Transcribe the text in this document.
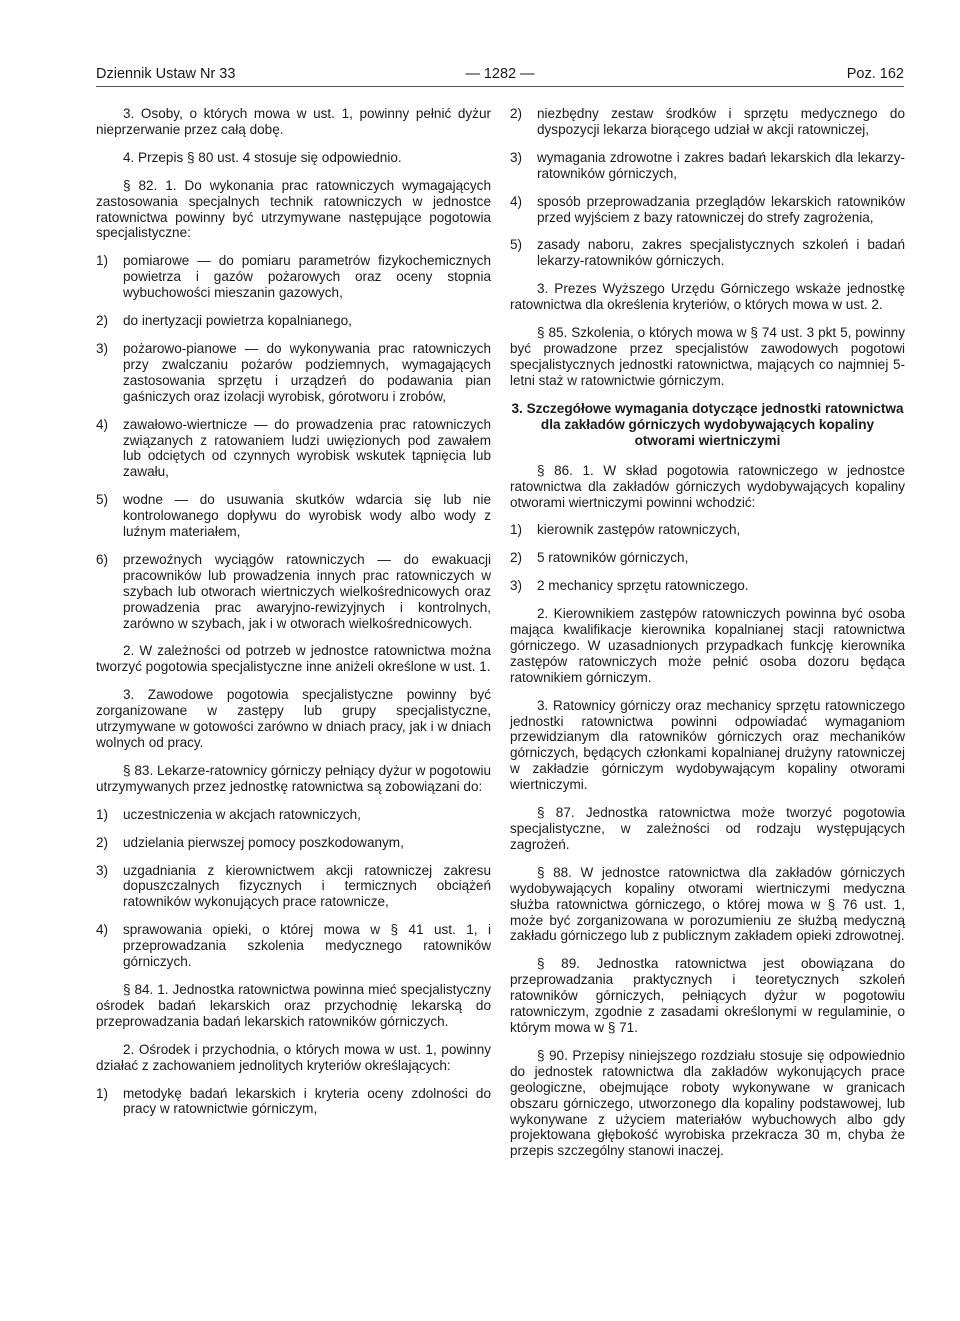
Dziennik Ustaw Nr 33	— 1282 —	Poz. 162

3. Osoby, o których mowa w ust. 1, powinny pełnić dyżur nieprzerwanie przez całą dobę.

4. Przepis § 80 ust. 4 stosuje się odpowiednio.

§ 82. 1. Do wykonania prac ratowniczych wymagających zastosowania specjalnych technik ratowniczych w jednostce ratownictwa powinny być utrzymywane następujące pogotowia specjalistyczne:

1) pomiarowe — do pomiaru parametrów fizykochemicznych powietrza i gazów pożarowych oraz oceny stopnia wybuchowości mieszanin gazowych,
2) do inertyzacji powietrza kopalnianego,
3) pożarowo-pianowe — do wykonywania prac ratowniczych przy zwalczaniu pożarów podziemnych, wymagających zastosowania sprzętu i urządzeń do podawania pian gaśniczych oraz izolacji wyrobisk, górotworu i zrobów,
4) zawałowo-wiertnicze — do prowadzenia prac ratowniczych związanych z ratowaniem ludzi uwięzionych pod zawałem lub odciętych od czynnych wyrobisk wskutek tąpnięcia lub zawału,
5) wodne — do usuwania skutków wdarcia się lub nie kontrolowanego dopływu do wyrobisk wody albo wody z luźnym materiałem,
6) przewoźnych wyciągów ratowniczych — do ewakuacji pracowników lub prowadzenia innych prac ratowniczych w szybach lub otworach wiertniczych wielkośrednicowych oraz prowadzenia prac awaryjno-rewizyjnych i kontrolnych, zarówno w szybach, jak i w otworach wielkośrednicowych.

2. W zależności od potrzeb w jednostce ratownictwa można tworzyć pogotowia specjalistyczne inne aniżeli określone w ust. 1.

3. Zawodowe pogotowia specjalistyczne powinny być zorganizowane w zastępy lub grupy specjalistyczne, utrzymywane w gotowości zarówno w dniach pracy, jak i w dniach wolnych od pracy.

§ 83. Lekarze-ratownicy górniczy pełniący dyżur w pogotowiu utrzymywanych przez jednostkę ratownictwa są zobowiązani do:

1) uczestniczenia w akcjach ratowniczych,
2) udzielania pierwszej pomocy poszkodowanym,
3) uzgadniania z kierownictwem akcji ratowniczej zakresu dopuszczalnych fizycznych i termicznych obciążeń ratowników wykonujących prace ratownicze,
4) sprawowania opieki, o której mowa w § 41 ust. 1, i przeprowadzania szkolenia medycznego ratowników górniczych.

§ 84. 1. Jednostka ratownictwa powinna mieć specjalistyczny ośrodek badań lekarskich oraz przychodnię lekarską do przeprowadzania badań lekarskich ratowników górniczych.

2. Ośrodek i przychodnia, o których mowa w ust. 1, powinny działać z zachowaniem jednolitych kryteriów określających:

1) metodykę badań lekarskich i kryteria oceny zdolności do pracy w ratownictwie górniczym,
2) niezbędny zestaw środków i sprzętu medycznego do dyspozycji lekarza biorącego udział w akcji ratowniczej,
3) wymagania zdrowotne i zakres badań lekarskich dla lekarzy-ratowników górniczych,
4) sposób przeprowadzania przeglądów lekarskich ratowników przed wyjściem z bazy ratowniczej do strefy zagrożenia,
5) zasady naboru, zakres specjalistycznych szkoleń i badań lekarzy-ratowników górniczych.

3. Prezes Wyższego Urzędu Górniczego wskaże jednostkę ratownictwa dla określenia kryteriów, o których mowa w ust. 2.

§ 85. Szkolenia, o których mowa w § 74 ust. 3 pkt 5, powinny być prowadzone przez specjalistów zawodowych pogotowi specjalistycznych jednostki ratownictwa, mających co najmniej 5-letni staż w ratownictwie górniczym.

3. Szczegółowe wymagania dotyczące jednostki ratownictwa dla zakładów górniczych wydobywających kopaliny otworami wiertniczymi

§ 86. 1. W skład pogotowia ratowniczego w jednostce ratownictwa dla zakładów górniczych wydobywających kopaliny otworami wiertniczymi powinni wchodzić:

1) kierownik zastępów ratowniczych,
2) 5 ratowników górniczych,
3) 2 mechanicy sprzętu ratowniczego.

2. Kierownikiem zastępów ratowniczych powinna być osoba mająca kwalifikacje kierownika kopalnianej stacji ratownictwa górniczego. W uzasadnionych przypadkach funkcję kierownika zastępów ratowniczych może pełnić osoba dozoru będąca ratownikiem górniczym.

3. Ratownicy górniczy oraz mechanicy sprzętu ratowniczego jednostki ratownictwa powinni odpowiadać wymaganiom przewidzianym dla ratowników górniczych oraz mechaników górniczych, będących członkami kopalnianej drużyny ratowniczej w zakładzie górniczym wydobywającym kopaliny otworami wiertniczymi.

§ 87. Jednostka ratownictwa może tworzyć pogotowia specjalistyczne, w zależności od rodzaju występujących zagrożeń.

§ 88. W jednostce ratownictwa dla zakładów górniczych wydobywających kopaliny otworami wiertniczymi medyczna służba ratownictwa górniczego, o której mowa w § 76 ust. 1, może być zorganizowana w porozumieniu ze służbą medyczną zakładu górniczego lub z publicznym zakładem opieki zdrowotnej.

§ 89. Jednostka ratownictwa jest obowiązana do przeprowadzania praktycznych i teoretycznych szkoleń ratowników górniczych, pełniących dyżur w pogotowiu ratowniczym, zgodnie z zasadami określonymi w regulaminie, o którym mowa w § 71.

§ 90. Przepisy niniejszego rozdziału stosuje się odpowiednio do jednostek ratownictwa dla zakładów wykonujących prace geologiczne, obejmujące roboty wykonywane w granicach obszaru górniczego, utworzonego dla kopaliny podstawowej, lub wykonywane z użyciem materiałów wybuchowych albo gdy projektowana głębokość wyrobiska przekracza 30 m, chyba że przepis szczególny stanowi inaczej.
